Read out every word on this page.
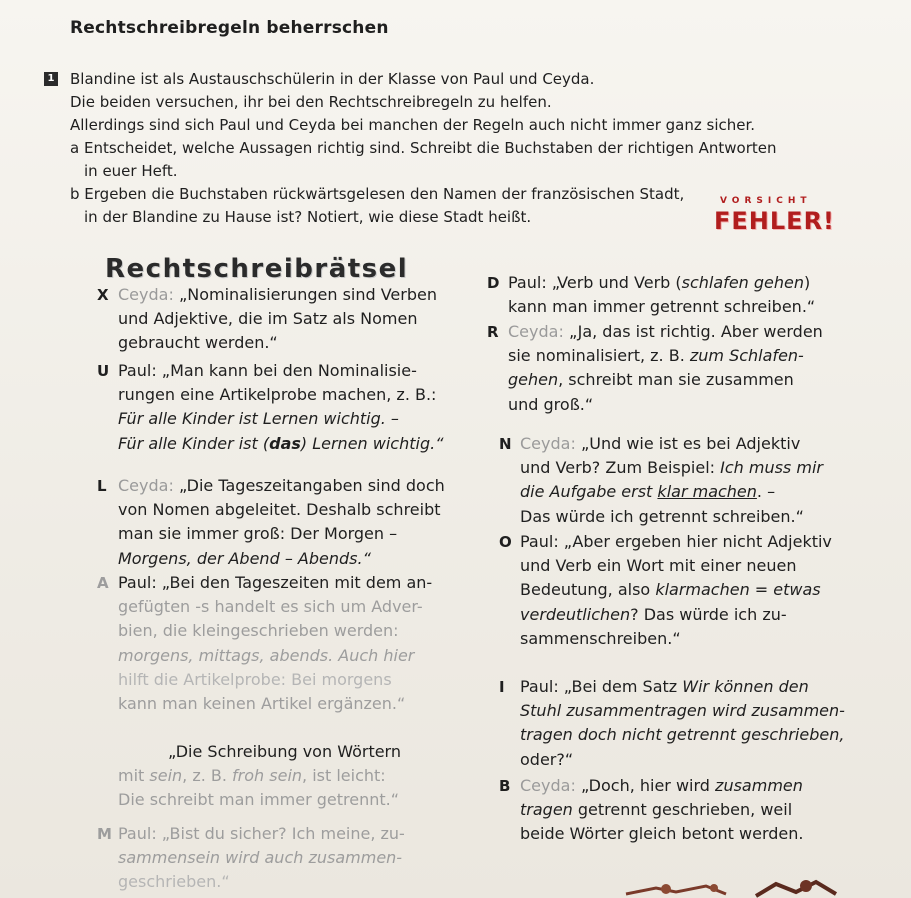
Rechtschreibregeln beherrschen
1 Blandine ist als Austauschschülerin in der Klasse von Paul und Ceyda.
Die beiden versuchen, ihr bei den Rechtschreibregeln zu helfen.
Allerdings sind sich Paul und Ceyda bei manchen der Regeln auch nicht immer ganz sicher.
a Entscheidet, welche Aussagen richtig sind. Schreibt die Buchstaben der richtigen Antworten
in euer Heft.
b Ergeben die Buchstaben rückwärtsgelesen den Namen der französischen Stadt,
in der Blandine zu Hause ist? Notiert, wie diese Stadt heißt.
VORSICHT
FEHLER!
Rechtschreibrätsel
X Ceyda: „Nominalisierungen sind Verben
und Adjektive, die im Satz als Nomen
gebraucht werden.“
U Paul: „Man kann bei den Nominalisie-
rungen eine Artikelprobe machen, z. B.:
Für alle Kinder ist Lernen wichtig. –
Für alle Kinder ist (das) Lernen wichtig.“
L Ceyda: „Die Tageszeitangaben sind doch
von Nomen abgeleitet. Deshalb schreibt
man sie immer groß: Der Morgen –
Morgens, der Abend – Abends.“
A Paul: „Bei den Tageszeiten mit dem an-
gefügten -s handelt es sich um Adver-
bien, die kleingeschrieben werden:
morgens, mittags, abends. Auch hier
hilft die Artikelprobe: Bei morgens
kann man keinen Artikel ergänzen.“
„Die Schreibung von Wörtern
mit sein, z. B. froh sein, ist leicht:
Die schreibt man immer getrennt.“
M Paul: „Bist du sicher? Ich meine, zu-
sammensein wird auch zusammen-
geschrieben.“
D Paul: „Verb und Verb (schlafen gehen)
kann man immer getrennt schreiben.“
R Ceyda: „Ja, das ist richtig. Aber werden
sie nominalisiert, z. B. zum Schlafen-
gehen, schreibt man sie zusammen
und groß.“
N Ceyda: „Und wie ist es bei Adjektiv
und Verb? Zum Beispiel: Ich muss mir
die Aufgabe erst klar machen. –
Das würde ich getrennt schreiben.“
O Paul: „Aber ergeben hier nicht Adjektiv
und Verb ein Wort mit einer neuen
Bedeutung, also klarmachen = etwas
verdeutlichen? Das würde ich zu-
sammenschreiben.“
I Paul: „Bei dem Satz Wir können den
Stuhl zusammentragen wird zusammen-
tragen doch nicht getrennt geschrieben,
oder?“
B Ceyda: „Doch, hier wird zusammen
tragen getrennt geschrieben, weil
beide Wörter gleich betont werden.
